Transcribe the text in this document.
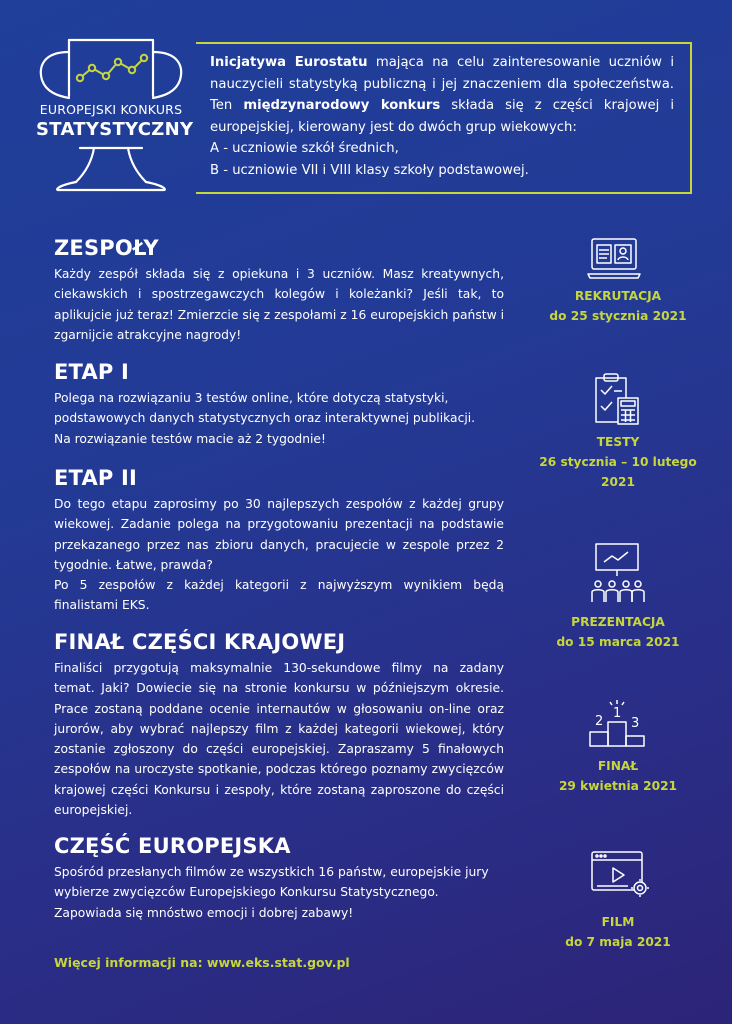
EUROPEJSKI KONKURS
STATYSTYCZNY

Inicjatywa Eurostatu mająca na celu zainteresowanie uczniów i nauczycieli statystyką publiczną i jej znaczeniem dla społeczeństwa. Ten międzynarodowy konkurs składa się z części krajowej i europejskiej, kierowany jest do dwóch grup wiekowych:

A - uczniowie szkół średnich,

B - uczniowie VII i VIII klasy szkoły podstawowej.

ZESPOŁY

Każdy zespół składa się z opiekuna i 3 uczniów. Masz kreatywnych, ciekawskich i spostrzegawczych kolegów i koleżanki? Jeśli tak, to aplikujcie już teraz! Zmierzcie się z zespołami z 16 europejskich państw i zgarnijcie atrakcyjne nagrody!

ETAP I

Polega na rozwiązaniu 3 testów online, które dotyczą statystyki,
podstawowych danych statystycznych oraz interaktywnej publikacji.
Na rozwiązanie testów macie aż 2 tygodnie!

ETAP II

Do tego etapu zaprosimy po 30 najlepszych zespołów z każdej grupy wiekowej. Zadanie polega na przygotowaniu prezentacji na podstawie przekazanego przez nas zbioru danych, pracujecie w zespole przez 2 tygodnie. Łatwe, prawda?

Po 5 zespołów z każdej kategorii z najwyższym wynikiem będą finalistami EKS.

FINAŁ CZĘŚCI KRAJOWEJ

Finaliści przygotują maksymalnie 130-sekundowe filmy na zadany temat. Jaki? Dowiecie się na stronie konkursu w późniejszym okresie. Prace zostaną poddane ocenie internautów w głosowaniu on-line oraz jurorów, aby wybrać najlepszy film z każdej kategorii wiekowej, który zostanie zgłoszony do części europejskiej. Zapraszamy 5 finałowych zespołów na uroczyste spotkanie, podczas którego poznamy zwycięzców krajowej części Konkursu i zespoły, które zostaną zaproszone do części europejskiej.

CZĘŚĆ EUROPEJSKA

Spośród przesłanych filmów ze wszystkich 16 państw, europejskie jury
wybierze zwycięzców Europejskiego Konkursu Statystycznego.
Zapowiada się mnóstwo emocji i dobrej zabawy!

REKRUTACJA
do 25 stycznia 2021
TESTY
26 stycznia – 10 lutego
2021
PREZENTACJA
do 15 marca 2021
1
2 3
FINAŁ
29 kwietnia 2021
FILM
do 7 maja 2021
Więcej informacji na: www.eks.stat.gov.pl
